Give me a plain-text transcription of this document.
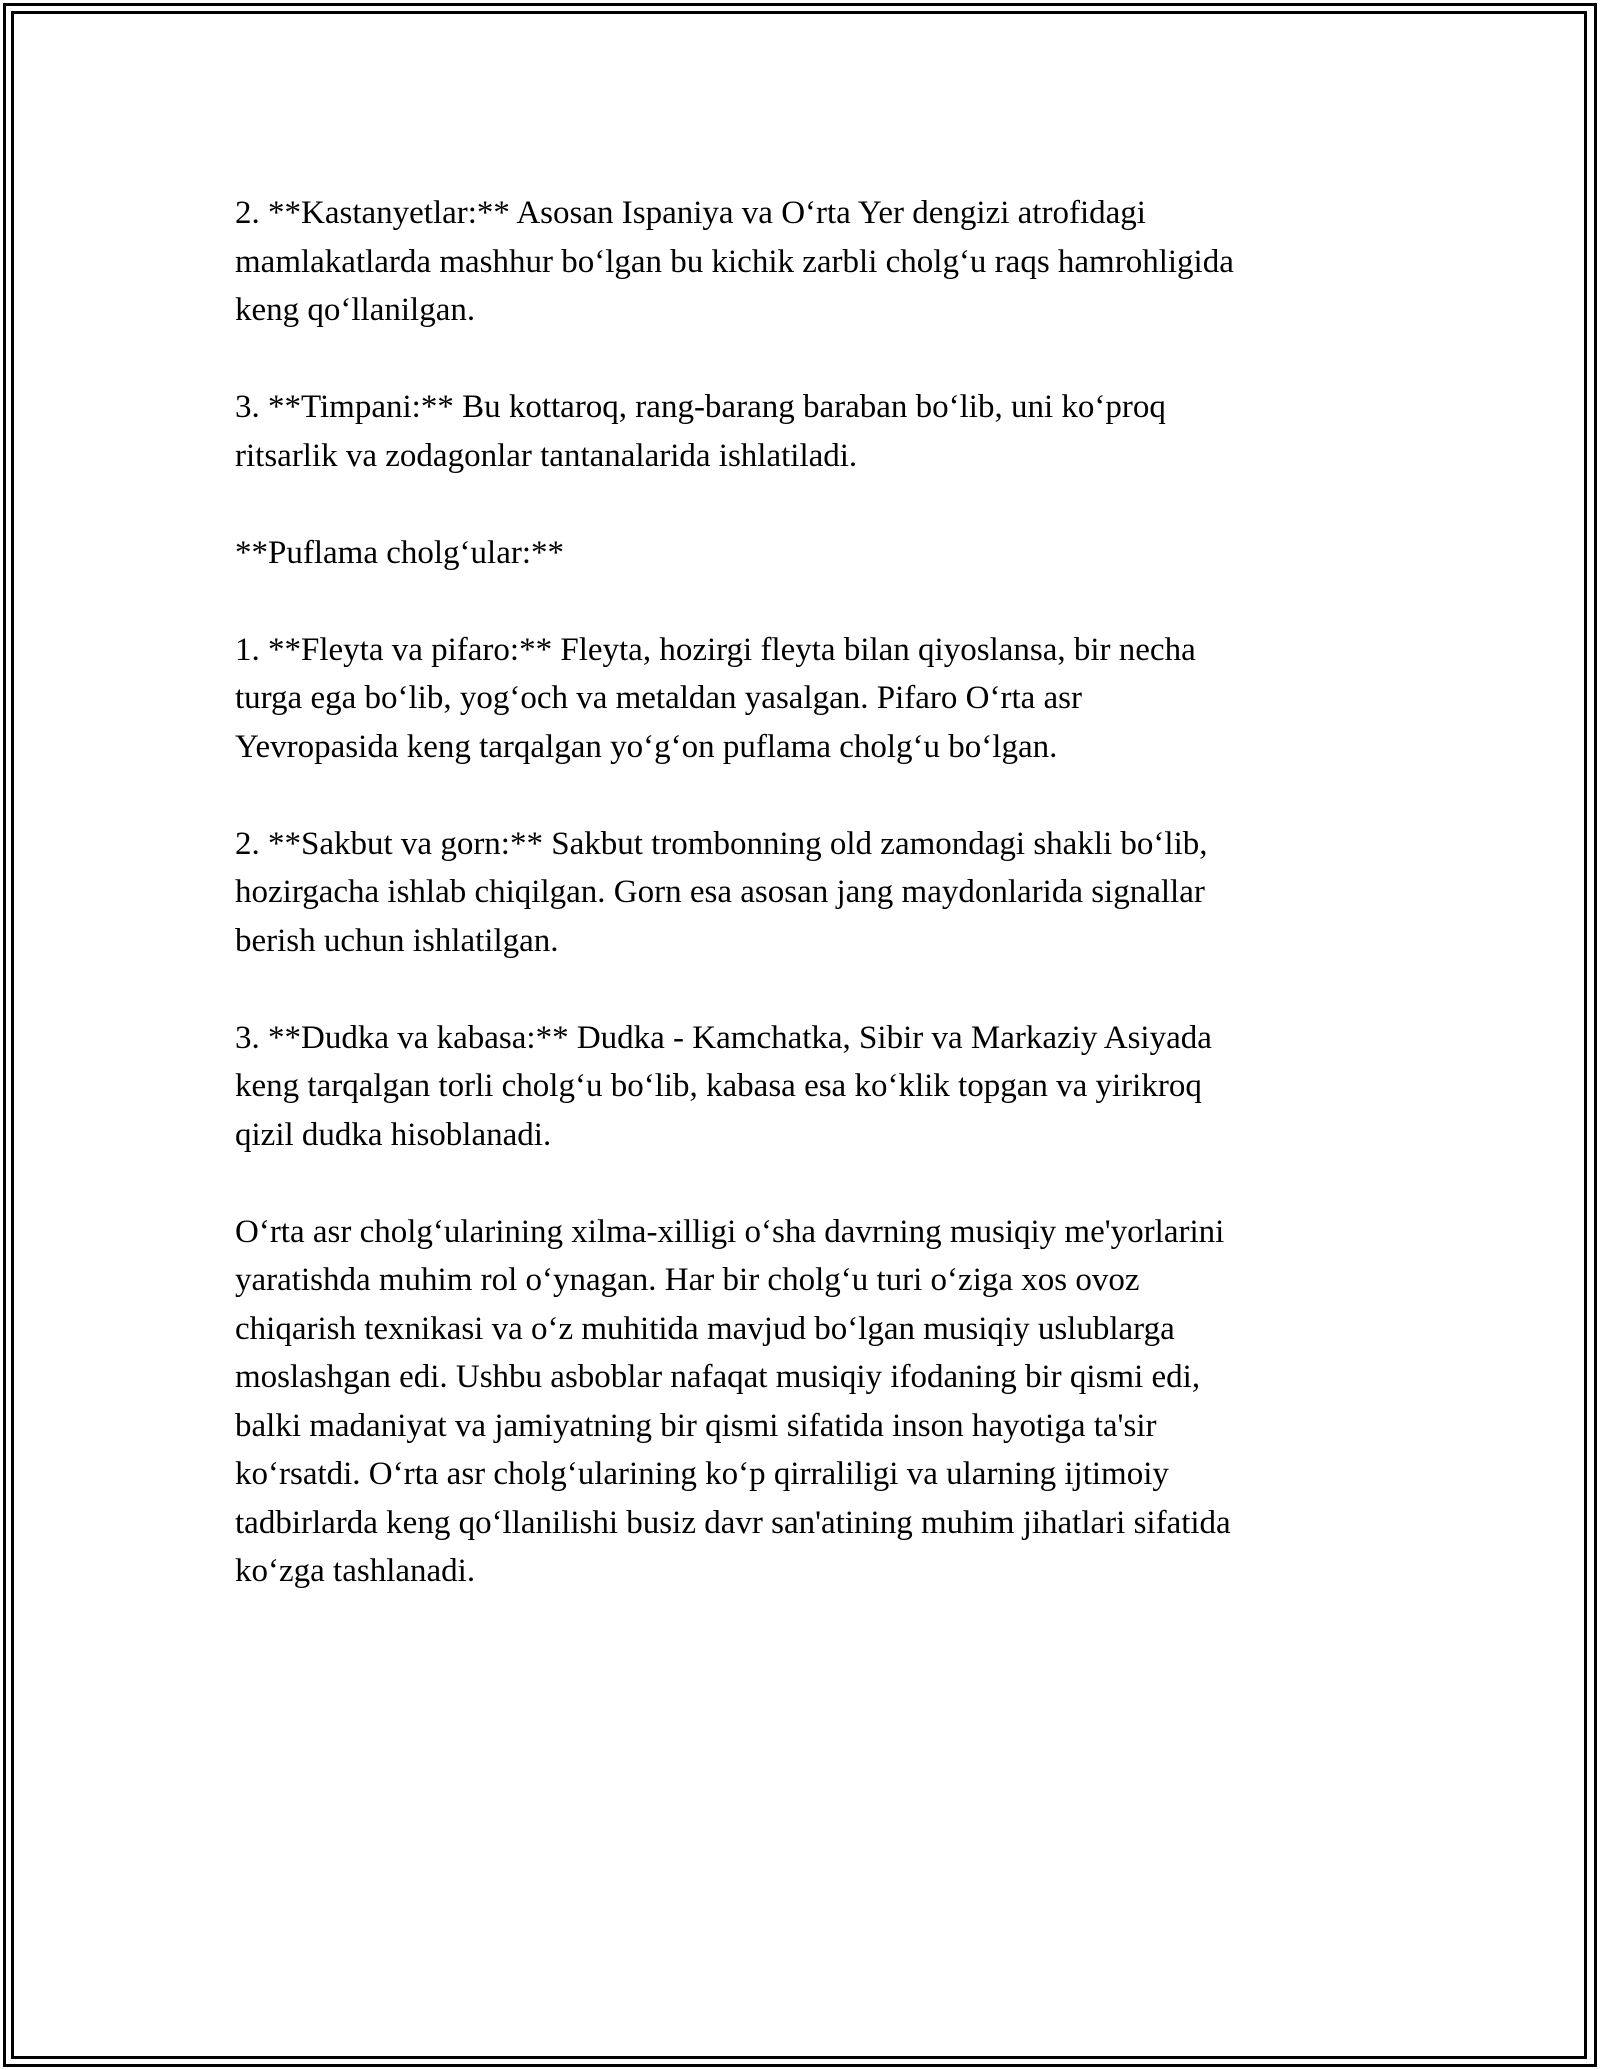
2. **Kastanyetlar:** Asosan Ispaniya va O‘rta Yer dengizi atrofidagi
mamlakatlarda mashhur bo‘lgan bu kichik zarbli cholg‘u raqs hamrohligida
keng qo‘llanilgan.

3. **Timpani:** Bu kottaroq, rang-barang baraban bo‘lib, uni ko‘proq
ritsarlik va zodagonlar tantanalarida ishlatiladi.

**Puflama cholg‘ular:**

1. **Fleyta va pifaro:** Fleyta, hozirgi fleyta bilan qiyoslansa, bir necha
turga ega bo‘lib, yog‘och va metaldan yasalgan. Pifaro O‘rta asr
Yevropasida keng tarqalgan yo‘g‘on puflama cholg‘u bo‘lgan.

2. **Sakbut va gorn:** Sakbut trombonning old zamondagi shakli bo‘lib,
hozirgacha ishlab chiqilgan. Gorn esa asosan jang maydonlarida signallar
berish uchun ishlatilgan.

3. **Dudka va kabasa:** Dudka - Kamchatka, Sibir va Markaziy Asiyada
keng tarqalgan torli cholg‘u bo‘lib, kabasa esa ko‘klik topgan va yirikroq
qizil dudka hisoblanadi.

O‘rta asr cholg‘ularining xilma-xilligi o‘sha davrning musiqiy me'yorlarini
yaratishda muhim rol o‘ynagan. Har bir cholg‘u turi o‘ziga xos ovoz
chiqarish texnikasi va o‘z muhitida mavjud bo‘lgan musiqiy uslublarga
moslashgan edi. Ushbu asboblar nafaqat musiqiy ifodaning bir qismi edi,
balki madaniyat va jamiyatning bir qismi sifatida inson hayotiga ta'sir
ko‘rsatdi. O‘rta asr cholg‘ularining ko‘p qirraliligi va ularning ijtimoiy
tadbirlarda keng qo‘llanilishi busiz davr san'atining muhim jihatlari sifatida
ko‘zga tashlanadi.
